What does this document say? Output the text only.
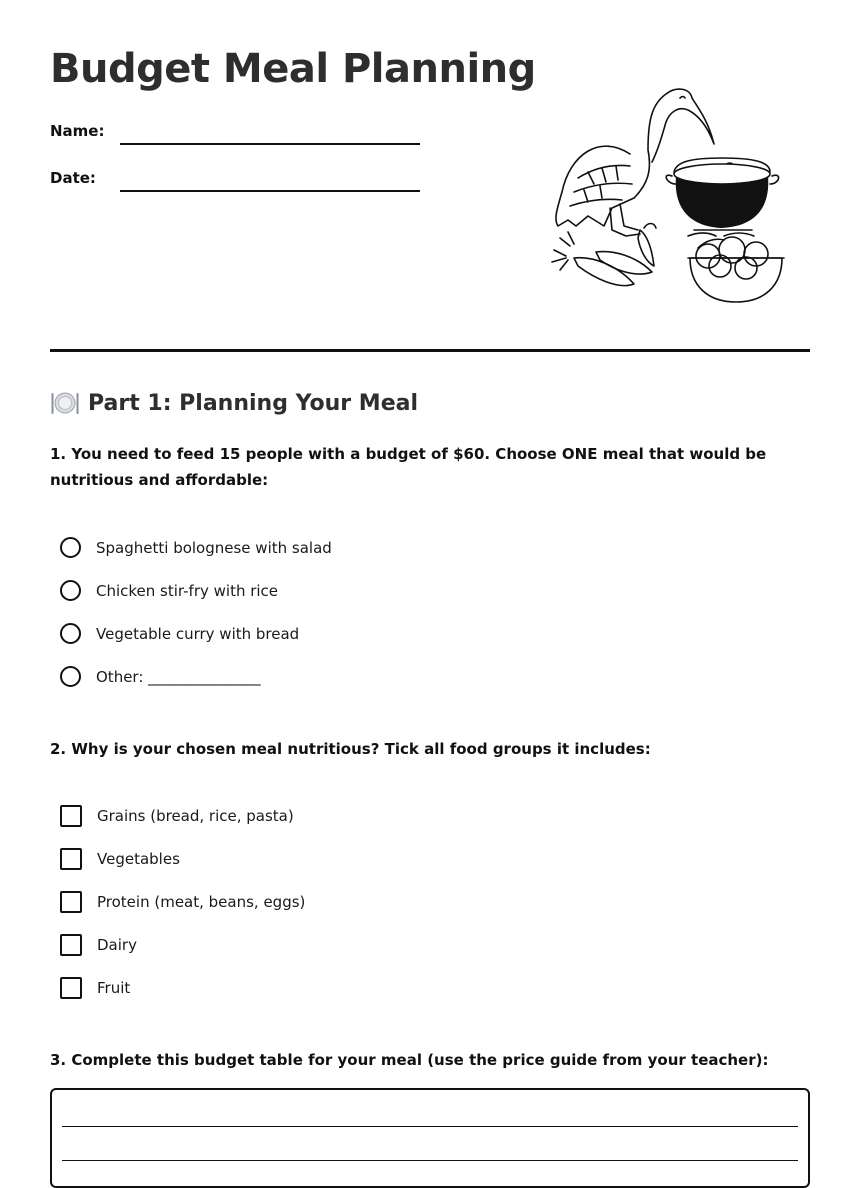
Budget Meal Planning
Name:
Date:
Part 1: Planning Your Meal

1. You need to feed 15 people with a budget of $60. Choose ONE meal that would be nutritious and affordable:

Spaghetti bolognese with salad
Chicken stir-fry with rice
Vegetable curry with bread
Other: _______________

2. Why is your chosen meal nutritious? Tick all food groups it includes:

Grains (bread, rice, pasta)
Vegetables
Protein (meat, beans, eggs)
Dairy
Fruit

3. Complete this budget table for your meal (use the price guide from your teacher):
